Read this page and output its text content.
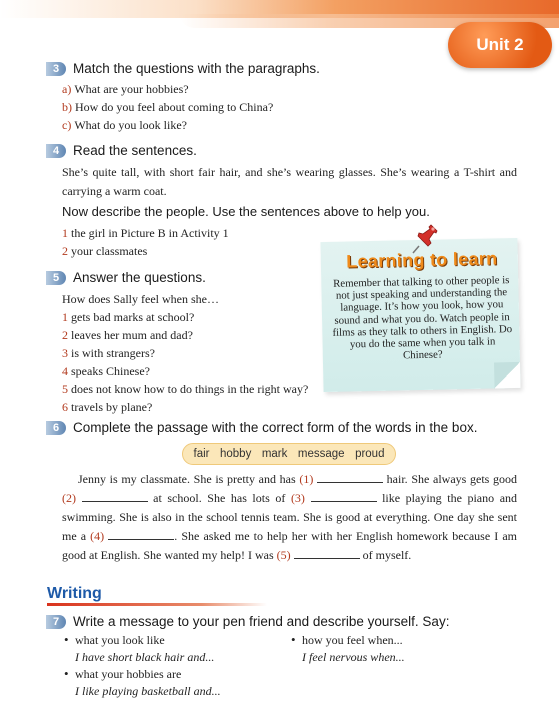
Unit 2
3	Match the questions with the paragraphs.
a) What are your hobbies?
b) How do you feel about coming to China?
c) What do you look like?
4	Read the sentences.
She’s quite tall, with short fair hair, and she’s wearing glasses. She’s wearing a T-shirt and carrying a warm coat.
Now describe the people. Use the sentences above to help you.
1 the girl in Picture B in Activity 1
2 your classmates
5	Answer the questions.
How does Sally feel when she…
1 gets bad marks at school?
2 leaves her mum and dad?
3 is with strangers?
4 speaks Chinese?
5 does not know how to do things in the right way?
6 travels by plane?
Learning to learn
Remember that talking to other people is not just speaking and understanding the language. It’s how you look, how you sound and what you do. Watch people in films as they talk to others in English. Do you do the same when you talk in Chinese?
6	Complete the passage with the correct form of the words in the box.
fair hobby mark message proud
Jenny is my classmate. She is pretty and has (1)	hair. She always gets good (2)	at school. She has lots of (3)	like playing the piano and swimming. She is also in the school tennis team. She is good at everything. One day she sent me a (4)	. She asked me to help her with her English homework because I am good at English. She wanted my help! I was (5)	of myself.
Writing
7	Write a message to your pen friend and describe yourself. Say:
• what you look like
I have short black hair and...
• how you feel when...
I feel nervous when...
• what your hobbies are
I like playing basketball and...
